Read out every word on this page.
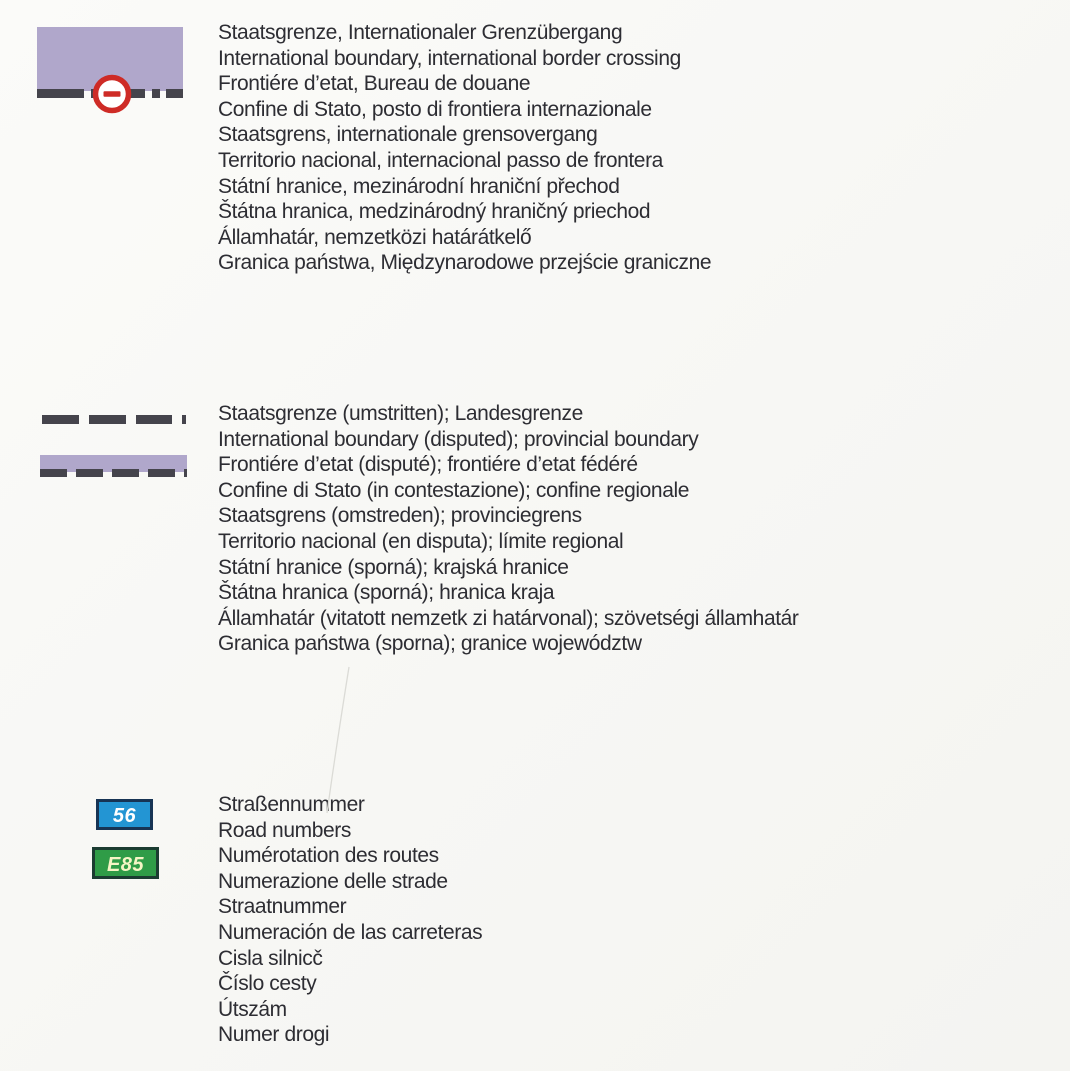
Staatsgrenze, Internationaler Grenzübergang
International boundary, international border crossing
Frontiére d’etat, Bureau de douane
Confine di Stato, posto di frontiera internazionale
Staatsgrens, internationale grensovergang
Territorio nacional, internacional passo de frontera
Státní hranice, mezinárodní hraniční přechod
Štátna hranica, medzinárodný hraničný priechod
Államhatár, nemzetközi határátkelő
Granica państwa, Międzynarodowe przejście graniczne
Staatsgrenze (umstritten); Landesgrenze
International boundary (disputed); provincial boundary
Frontiére d’etat (disputé); frontiére d’etat fédéré
Confine di Stato (in contestazione); confine regionale
Staatsgrens (omstreden); provinciegrens
Territorio nacional (en disputa); límite regional
Státní hranice (sporná); krajská hranice
Štátna hranica (sporná); hranica kraja
Államhatár (vitatott nemzetk zi határvonal); szövetségi államhatár
Granica państwa (sporna); granice województw
56
E85
Straßennummer
Road numbers
Numérotation des routes
Numerazione delle strade
Straatnummer
Numeración de las carreteras
Cisla silnicč
Číslo cesty
Útszám
Numer drogi
